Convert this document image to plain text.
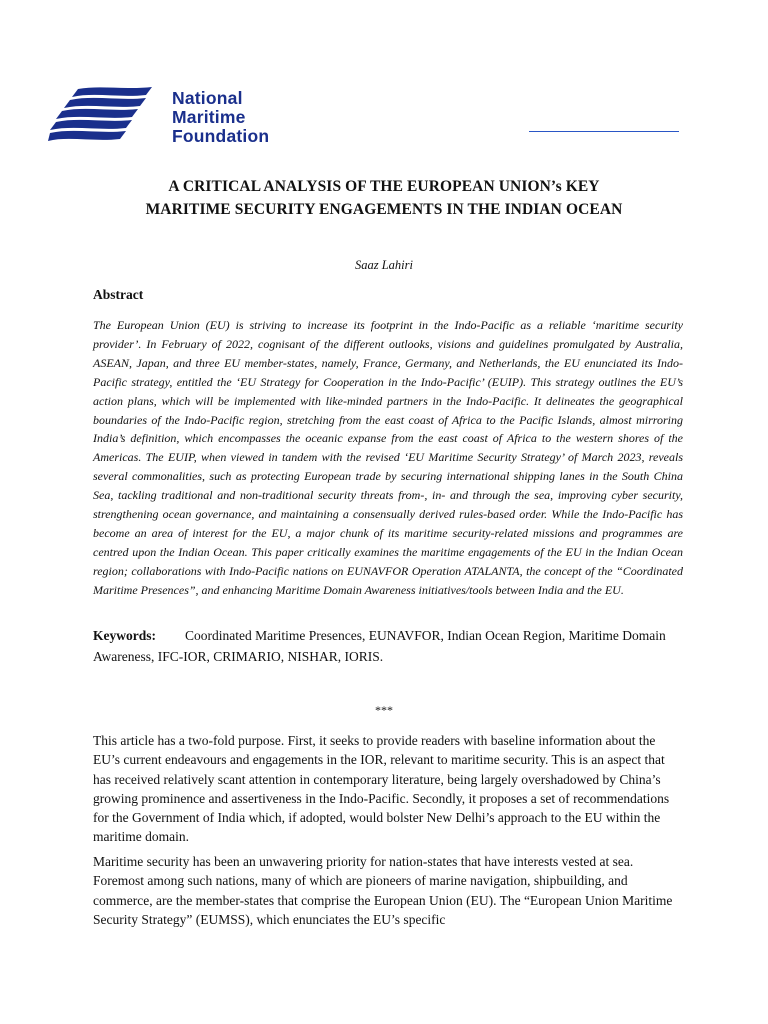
National
Maritime
Foundation
A CRITICAL ANALYSIS OF THE EUROPEAN UNION’s KEY
MARITIME SECURITY ENGAGEMENTS IN THE INDIAN OCEAN
Saaz Lahiri
Abstract
The European Union (EU) is striving to increase its footprint in the Indo-Pacific as a reliable ‘maritime security provider’. In February of 2022, cognisant of the different outlooks, visions and guidelines promulgated by Australia, ASEAN, Japan, and three EU member-states, namely, France, Germany, and Netherlands, the EU enunciated its Indo-Pacific strategy, entitled the ‘EU Strategy for Cooperation in the Indo-Pacific’ (EUIP). This strategy outlines the EU’s action plans, which will be implemented with like-minded partners in the Indo-Pacific. It delineates the geographical boundaries of the Indo-Pacific region, stretching from the east coast of Africa to the Pacific Islands, almost mirroring India’s definition, which encompasses the oceanic expanse from the east coast of Africa to the western shores of the Americas. The EUIP, when viewed in tandem with the revised ‘EU Maritime Security Strategy’ of March 2023, reveals several commonalities, such as protecting European trade by securing international shipping lanes in the South China Sea, tackling traditional and non-traditional security threats from-, in- and through the sea, improving cyber security, strengthening ocean governance, and maintaining a consensually derived rules-based order. While the Indo-Pacific has become an area of interest for the EU, a major chunk of its maritime security-related missions and programmes are centred upon the Indian Ocean. This paper critically examines the maritime engagements of the EU in the Indian Ocean region; collaborations with Indo-Pacific nations on EUNAVFOR Operation ATALANTA, the concept of the “Coordinated Maritime Presences”, and enhancing Maritime Domain Awareness initiatives/tools between India and the EU.
Keywords: Coordinated Maritime Presences, EUNAVFOR, Indian Ocean Region, Maritime Domain Awareness, IFC-IOR, CRIMARIO, NISHAR, IORIS.
***
This article has a two-fold purpose. First, it seeks to provide readers with baseline information about the EU’s current endeavours and engagements in the IOR, relevant to maritime security. This is an aspect that has received relatively scant attention in contemporary literature, being largely overshadowed by China’s growing prominence and assertiveness in the Indo-Pacific. Secondly, it proposes a set of recommendations for the Government of India which, if adopted, would bolster New Delhi’s approach to the EU within the maritime domain.
Maritime security has been an unwavering priority for nation-states that have interests vested at sea. Foremost among such nations, many of which are pioneers of marine navigation, shipbuilding, and commerce, are the member-states that comprise the European Union (EU). The “European Union Maritime Security Strategy” (EUMSS), which enunciates the EU’s specific
